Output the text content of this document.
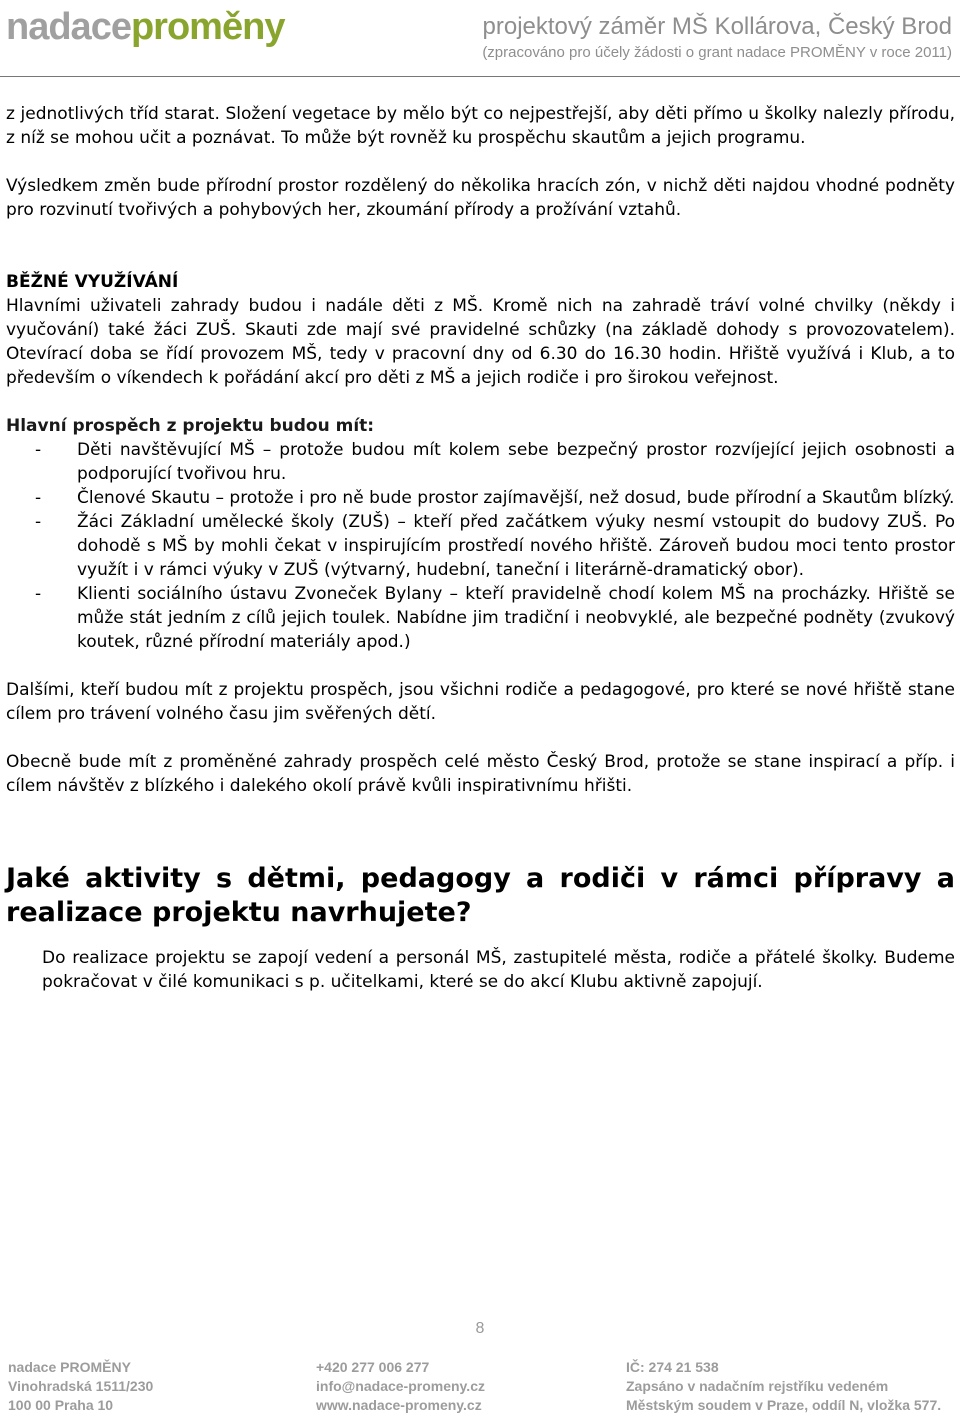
nadaceproměny	projektový záměr MŠ Kollárova, Český Brod
(zpracováno pro účely žádosti o grant nadace PROMĚNY v roce 2011)

z jednotlivých tříd starat. Složení vegetace by mělo být co nejpestřejší, aby děti přímo u školky nalezly přírodu, z níž se mohou učit a poznávat. To může být rovněž ku prospěchu skautům a jejich programu.

Výsledkem změn bude přírodní prostor rozdělený do několika hracích zón, v nichž děti najdou vhodné podněty pro rozvinutí tvořivých a pohybových her, zkoumání přírody a prožívání vztahů.

BĚŽNÉ VYUŽÍVÁNÍ

Hlavními uživateli zahrady budou i nadále děti z MŠ. Kromě nich na zahradě tráví volné chvilky (někdy i vyučování) také žáci ZUŠ. Skauti zde mají své pravidelné schůzky (na základě dohody s provozovatelem). Otevírací doba se řídí provozem MŠ, tedy v pracovní dny od 6.30 do 16.30 hodin. Hřiště využívá i Klub, a to především o víkendech k pořádání akcí pro děti z MŠ a jejich rodiče i pro širokou veřejnost.

Hlavní prospěch z projektu budou mít:

- Děti navštěvující MŠ – protože budou mít kolem sebe bezpečný prostor rozvíjející jejich osobnosti a podporující tvořivou hru.
- Členové Skautu – protože i pro ně bude prostor zajímavější, než dosud, bude přírodní a Skautům blízký.
- Žáci Základní umělecké školy (ZUŠ) – kteří před začátkem výuky nesmí vstoupit do budovy ZUŠ. Po dohodě s MŠ by mohli čekat v inspirujícím prostředí nového hřiště. Zároveň budou moci tento prostor využít i v rámci výuky v ZUŠ (výtvarný, hudební, taneční i literárně-dramatický obor).
- Klienti sociálního ústavu Zvoneček Bylany – kteří pravidelně chodí kolem MŠ na procházky. Hřiště se může stát jedním z cílů jejich toulek. Nabídne jim tradiční i neobvyklé, ale bezpečné podněty (zvukový koutek, různé přírodní materiály apod.)

Dalšími, kteří budou mít z projektu prospěch, jsou všichni rodiče a pedagogové, pro které se nové hřiště stane cílem pro trávení volného času jim svěřených dětí.

Obecně bude mít z proměněné zahrady prospěch celé město Český Brod, protože se stane inspirací a příp. i cílem návštěv z blízkého i dalekého okolí právě kvůli inspirativnímu hřišti.

Jaké aktivity s dětmi, pedagogy a rodiči v rámci přípravy a realizace projektu navrhujete?

Do realizace projektu se zapojí vedení a personál MŠ, zastupitelé města, rodiče a přátelé školky. Budeme pokračovat v čilé komunikaci s p. učitelkami, které se do akcí Klubu aktivně zapojují.

8
nadace PROMĚNY
Vinohradská 1511/230
100 00 Praha 10
+420 277 006 277
info@nadace-promeny.cz
www.nadace-promeny.cz
IČ: 274 21 538
Zapsáno v nadačním rejstříku vedeném
Městským soudem v Praze, oddíl N, vložka 577.
